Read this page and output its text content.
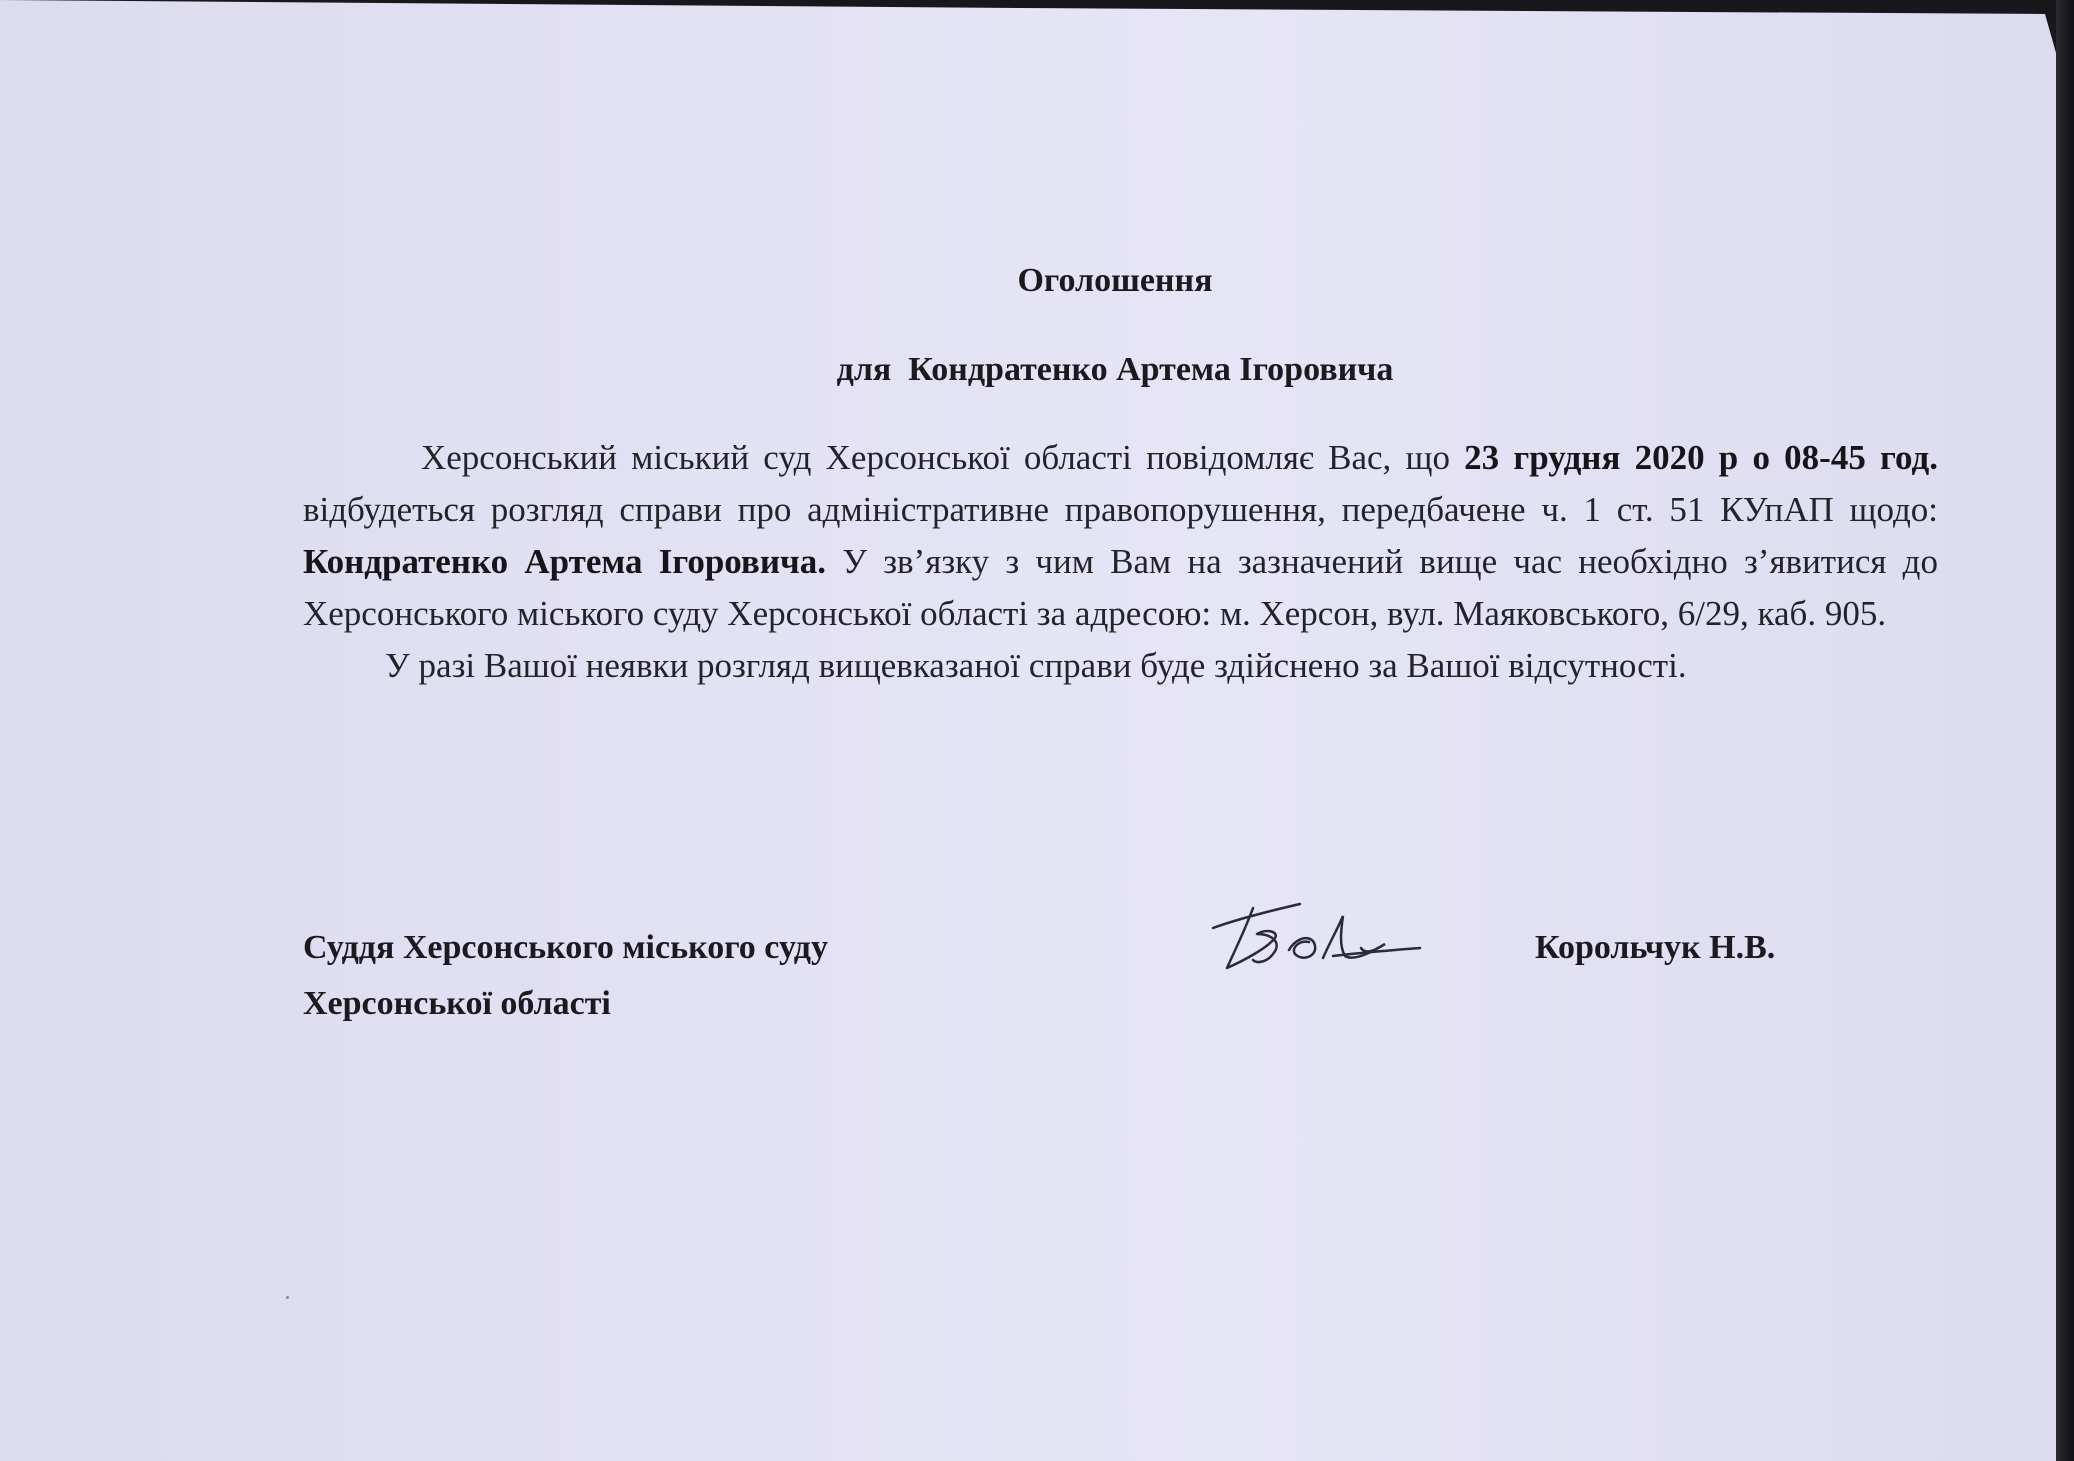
Оголошення
для  Кондратенко Артема Ігоровича

Херсонський міський суд Херсонської області повідомляє Вас, що 23 грудня 2020 р о 08-45 год. відбудеться розгляд справи про адміністративне правопорушення, передбачене ч. 1 ст. 51 КУпАП щодо: Кондратенко Артема Ігоровича. У зв’язку з чим Вам на зазначений вище час необхідно з’явитися до Херсонського міського суду Херсонської області за адресою: м. Херсон, вул. Маяковського, 6/29, каб. 905.

У разі Вашої неявки розгляд вищевказаної справи буде здійснено за Вашої відсутності.

Суддя Херсонського міського суду
Херсонської області
Корольчук Н.В.
